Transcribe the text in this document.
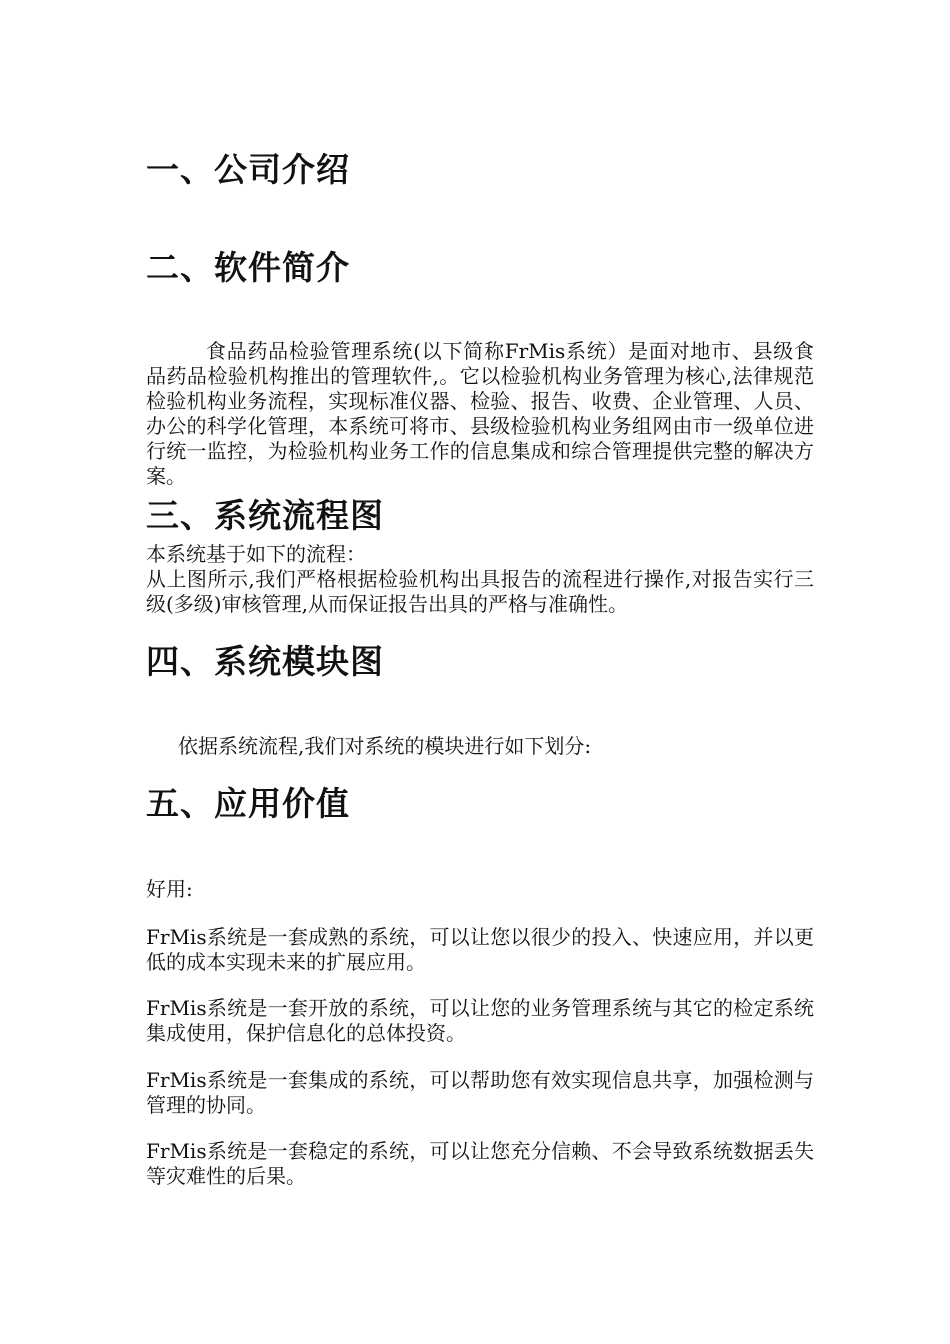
一、公司介绍
二、软件简介

食品药品检验管理系统(以下简称FrMis系统）是面对地市、县级食品药品检验机构推出的管理软件,。它以检验机构业务管理为核心,法律规范检验机构业务流程，实现标准仪器、检验、报告、收费、企业管理、人员、办公的科学化管理，本系统可将市、县级检验机构业务组网由市一级单位进行统一监控，为检验机构业务工作的信息集成和综合管理提供完整的解决方案。

三、系统流程图

本系统基于如下的流程：

从上图所示,我们严格根据检验机构出具报告的流程进行操作,对报告实行三级(多级)审核管理,从而保证报告出具的严格与准确性。

四、系统模块图

依据系统流程,我们对系统的模块进行如下划分:

五、应用价值

好用:

FrMis系统是一套成熟的系统，可以让您以很少的投入、快速应用，并以更低的成本实现未来的扩展应用。

FrMis系统是一套开放的系统，可以让您的业务管理系统与其它的检定系统集成使用，保护信息化的总体投资。

FrMis系统是一套集成的系统，可以帮助您有效实现信息共享，加强检测与管理的协同。

FrMis系统是一套稳定的系统，可以让您充分信赖、不会导致系统数据丢失等灾难性的后果。
